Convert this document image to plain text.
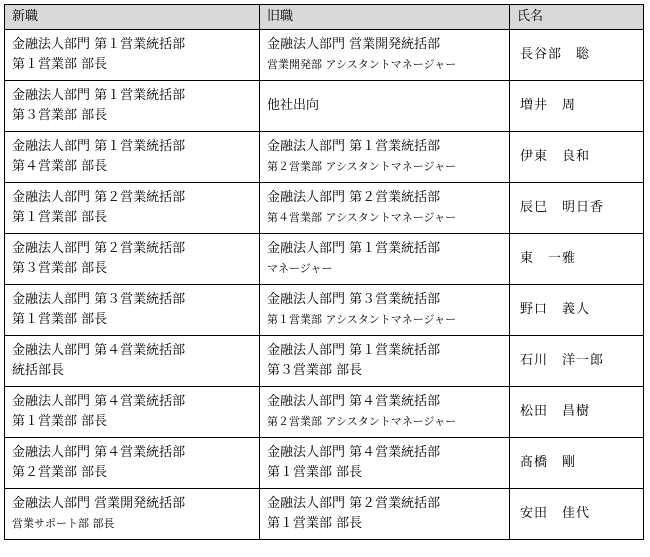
新職	旧職	氏名

金融法人部門 第１営業統括部
第１営業部 部長	金融法人部門 営業開発統括部
営業開発部 アシスタントマネージャー	長谷部　聡

金融法人部門 第１営業統括部
第３営業部 部長	他社出向	増井　周

金融法人部門 第１営業統括部
第４営業部 部長	金融法人部門 第１営業統括部
第２営業部 アシスタントマネージャー	伊東　良和

金融法人部門 第２営業統括部
第１営業部 部長	金融法人部門 第２営業統括部
第４営業部 アシスタントマネージャー	辰巳　明日香

金融法人部門 第２営業統括部
第３営業部 部長	金融法人部門 第１営業統括部
マネージャー	東　一雅

金融法人部門 第３営業統括部
第１営業部 部長	金融法人部門 第３営業統括部
第１営業部 アシスタントマネージャー	野口　義人

金融法人部門 第４営業統括部
統括部長	金融法人部門 第１営業統括部
第３営業部 部長	石川　洋一郎

金融法人部門 第４営業統括部
第１営業部 部長	金融法人部門 第４営業統括部
第２営業部 アシスタントマネージャー	松田　昌樹

金融法人部門 第４営業統括部
第２営業部 部長	金融法人部門 第４営業統括部
第１営業部 部長	髙橋　剛

金融法人部門 営業開発統括部
営業サポート部 部長	金融法人部門 第２営業統括部
第１営業部 部長	安田　佳代
